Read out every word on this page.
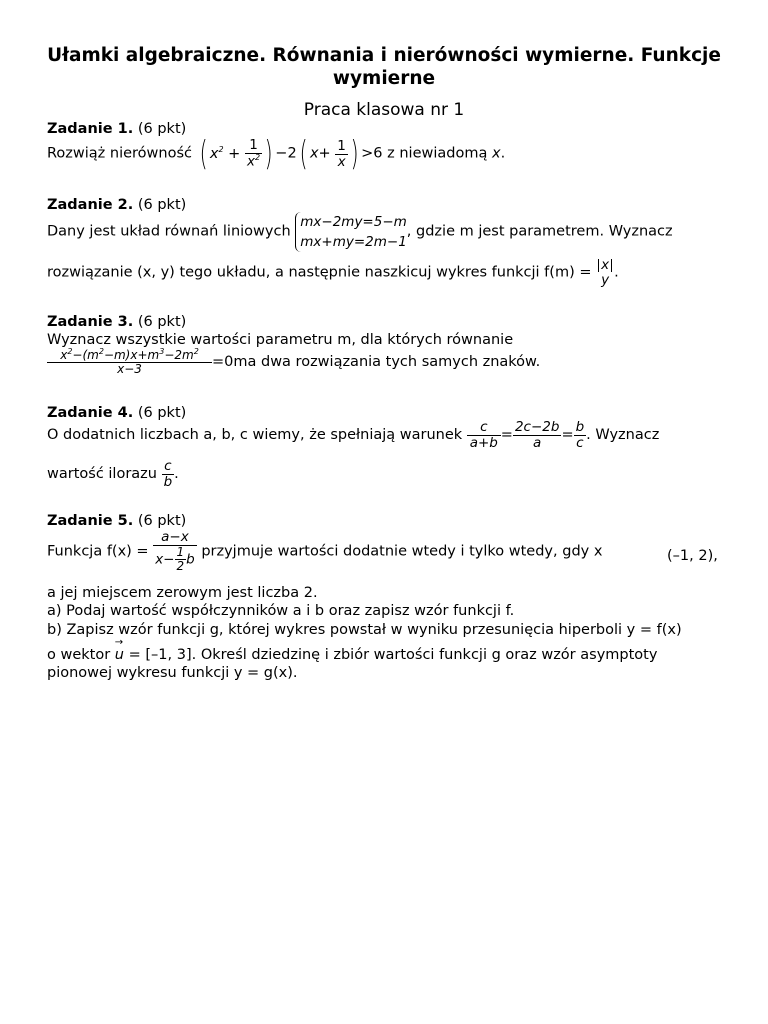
Ułamki algebraiczne. Równania i nierówności wymierne. Funkcje wymierne
Praca klasowa nr 1
Zadanie 1. (6 pkt)
Rozwiąż nierówność ( $x^2 + \frac{1}{x^2}$ ) −2( $x+ \frac{1}{x}$ ) >6 z niewiadomą x.
Zadanie 2. (6 pkt)
Dany jest układ równań liniowych
mx−2my=5−m
mx+my=2m−1
, gdzie m jest parametrem. Wyznacz
rozwiązanie (x, y) tego układu, a następnie naszkicuj wykres funkcji f(m) = x
y .
Zadanie 3. (6 pkt)
Wyznacz wszystkie wartości parametru m, dla których równanie
$\frac{x^2-(m^2-m)x+m^3-2m^2}{x-3} =0ma$ dwa rozwiązania tych samych znaków.
Zadanie 4. (6 pkt)
O dodatnich liczbach a, b, c wiemy, że spełniają warunek $\frac{c}{a+b} = \frac{2c-2b}{a} = \frac{b}{c}$ . Wyznacz
wartość ilorazu $\frac{c}{b}$ .
Zadanie 5. (6 pkt)
Funkcja $f(x) = \frac{a-x}{x- \frac{1}{2} b}$ przyjmuje wartości dodatnie wtedy i tylko wtedy, gdy x	(–1, 2),
a jej miejscem zerowym jest liczba 2.
a) Podaj wartość współczynników a i b oraz zapisz wzór funkcji f.
b) Zapisz wzór funkcji g, której wykres powstał w wyniku przesunięcia hiperboli y = f(x)
o wektor → u = [–1, 3]. Określ dziedzinę i zbiór wartości funkcji g oraz wzór asymptoty
pionowej wykresu funkcji y = g(x).
